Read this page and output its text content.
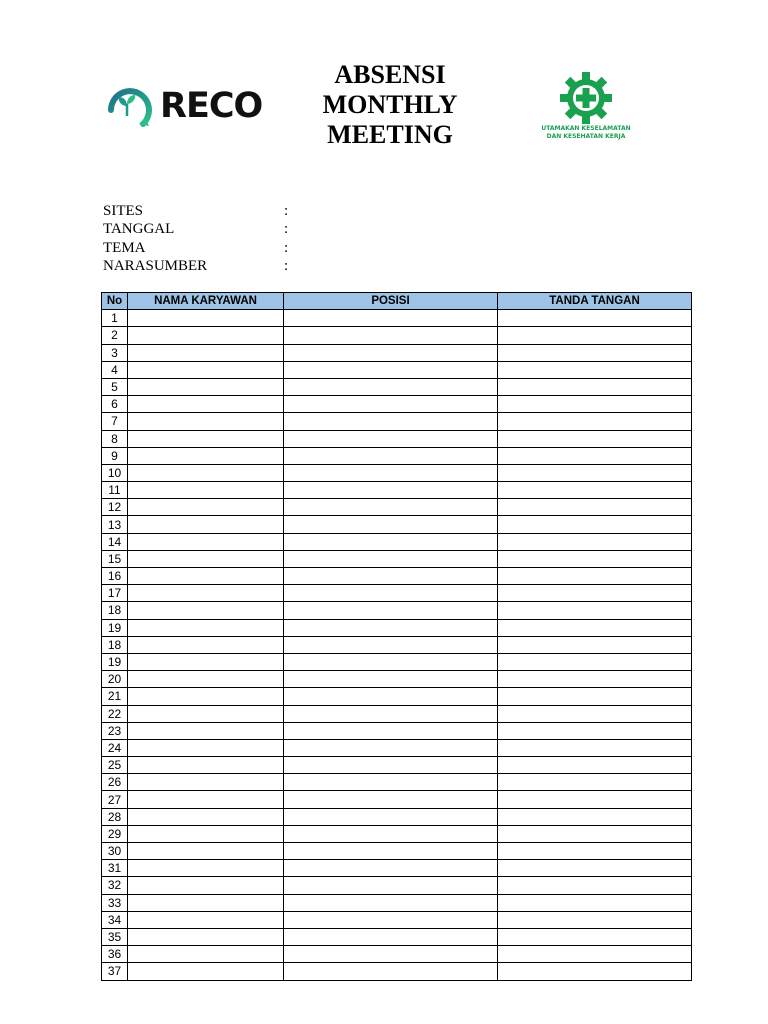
RECO
ABSENSI
MONTHLY
MEETING	UTAMAKAN KESELAMATAN
DAN KESEHATAN KERJA
SITES	:
TANGGAL	:
TEMA	:
NARASUMBER	:
No	NAMA KARYAWAN	POSISI	TANDA TANGAN
1			
2			
3			
4			
5			
6			
7			
8			
9			
10			
11			
12			
13			
14			
15			
16			
17			
18			
19			
18			
19			
20			
21			
22			
23			
24			
25			
26			
27			
28			
29			
30			
31			
32			
33			
34			
35			
36			
37			
